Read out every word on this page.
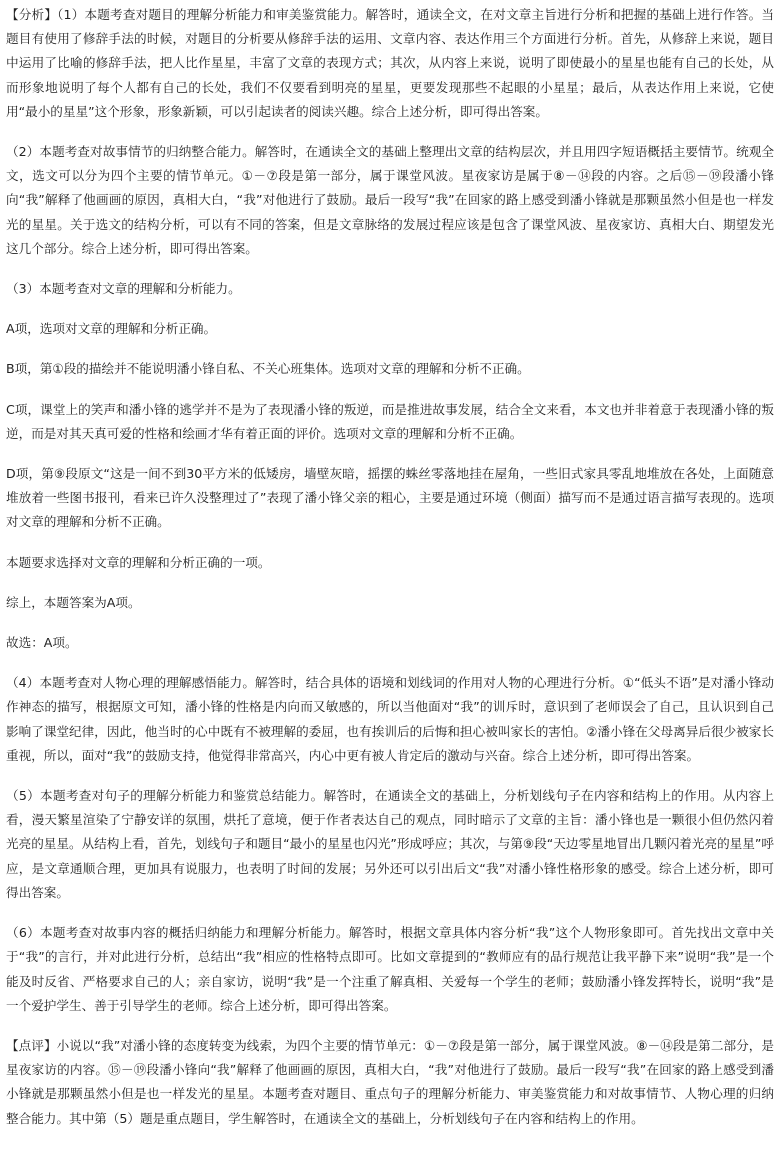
【分析】（1）本题考查对题目的理解分析能力和审美鉴赏能力。解答时，通读全文，在对文章主旨进行分析和把握的基础上进行作答。当题目有使用了修辞手法的时候，对题目的分析要从修辞手法的运用、文章内容、表达作用三个方面进行分析。首先，从修辞上来说，题目中运用了比喻的修辞手法，把人比作星星，丰富了文章的表现方式；其次，从内容上来说，说明了即使最小的星星也能有自己的长处，从而形象地说明了每个人都有自己的长处，我们不仅要看到明亮的星星，更要发现那些不起眼的小星星；最后，从表达作用上来说，它使用“最小的星星”这个形象，形象新颖，可以引起读者的阅读兴趣。综合上述分析，即可得出答案。

（2）本题考查对故事情节的归纳整合能力。解答时，在通读全文的基础上整理出文章的结构层次，并且用四字短语概括主要情节。统观全文，选文可以分为四个主要的情节单元。①－⑦段是第一部分，属于课堂风波。星夜家访是属于⑧－⑭段的内容。之后⑮－⑲段潘小锋向“我”解释了他画画的原因，真相大白，“我”对他进行了鼓励。最后一段写“我”在回家的路上感受到潘小锋就是那颗虽然小但是也一样发光的星星。关于选文的结构分析，可以有不同的答案，但是文章脉络的发展过程应该是包含了课堂风波、星夜家访、真相大白、期望发光这几个部分。综合上述分析，即可得出答案。

（3）本题考查对文章的理解和分析能力。

A项，选项对文章的理解和分析正确。

B项，第①段的描绘并不能说明潘小锋自私、不关心班集体。选项对文章的理解和分析不正确。

C项，课堂上的笑声和潘小锋的逃学并不是为了表现潘小锋的叛逆，而是推进故事发展，结合全文来看，本文也并非着意于表现潘小锋的叛逆，而是对其天真可爱的性格和绘画才华有着正面的评价。选项对文章的理解和分析不正确。

D项，第⑨段原文“这是一间不到30平方米的低矮房，墙壁灰暗，摇摆的蛛丝零落地挂在屋角，一些旧式家具零乱地堆放在各处，上面随意堆放着一些图书报刊，看来已许久没整理过了”表现了潘小锋父亲的粗心，主要是通过环境（侧面）描写而不是通过语言描写表现的。选项对文章的理解和分析不正确。

本题要求选择对文章的理解和分析正确的一项。

综上，本题答案为A项。

故选：A项。

（4）本题考查对人物心理的理解感悟能力。解答时，结合具体的语境和划线词的作用对人物的心理进行分析。①“低头不语”是对潘小锋动作神态的描写，根据原文可知，潘小锋的性格是内向而又敏感的，所以当他面对“我”的训斥时，意识到了老师误会了自己，且认识到自己影响了课堂纪律，因此，他当时的心中既有不被理解的委屈，也有挨训后的后悔和担心被叫家长的害怕。②潘小锋在父母离异后很少被家长重视，所以，面对“我”的鼓励支持，他觉得非常高兴，内心中更有被人肯定后的激动与兴奋。综合上述分析，即可得出答案。

（5）本题考查对句子的理解分析能力和鉴赏总结能力。解答时，在通读全文的基础上，分析划线句子在内容和结构上的作用。从内容上看，漫天繁星渲染了宁静安详的氛围，烘托了意境，便于作者表达自己的观点，同时暗示了文章的主旨：潘小锋也是一颗很小但仍然闪着光亮的星星。从结构上看，首先，划线句子和题目“最小的星星也闪光”形成呼应；其次，与第⑨段“天边零星地冒出几颗闪着光亮的星星”呼应，是文章通顺合理，更加具有说服力，也表明了时间的发展；另外还可以引出后文“我”对潘小锋性格形象的感受。综合上述分析，即可得出答案。

（6）本题考查对故事内容的概括归纳能力和理解分析能力。解答时，根据文章具体内容分析“我”这个人物形象即可。首先找出文章中关于“我”的言行，并对此进行分析，总结出“我”相应的性格特点即可。比如文章提到的“教师应有的品行规范让我平静下来”说明“我”是一个能及时反省、严格要求自己的人；亲自家访，说明“我”是一个注重了解真相、关爱每一个学生的老师；鼓励潘小锋发挥特长，说明“我”是一个爱护学生、善于引导学生的老师。综合上述分析，即可得出答案。

【点评】小说以“我”对潘小锋的态度转变为线索，为四个主要的情节单元：①－⑦段是第一部分，属于课堂风波。⑧－⑭段是第二部分，是星夜家访的内容。⑮－⑲段潘小锋向“我”解释了他画画的原因，真相大白，“我”对他进行了鼓励。最后一段写“我”在回家的路上感受到潘小锋就是那颗虽然小但是也一样发光的星星。本题考查对题目、重点句子的理解分析能力、审美鉴赏能力和对故事情节、人物心理的归纳整合能力。其中第（5）题是重点题目，学生解答时，在通读全文的基础上，分析划线句子在内容和结构上的作用。
